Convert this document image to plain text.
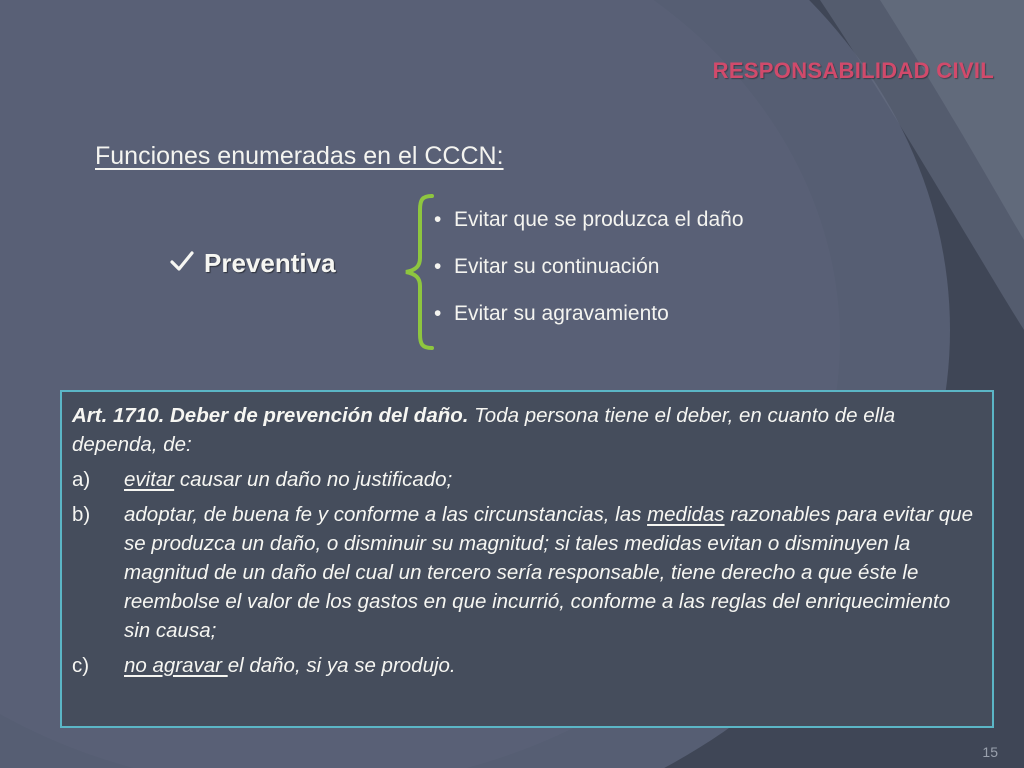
RESPONSABILIDAD CIVIL
Funciones enumeradas en el CCCN:
Preventiva
• Evitar que se produzca el daño
• Evitar su continuación
• Evitar su agravamiento

Art. 1710. Deber de prevención del daño. Toda persona tiene el deber, en cuanto de ella dependa, de:

a)	evitar causar un daño no justificado;
b)	adoptar, de buena fe y conforme a las circunstancias, las medidas razonables para evitar que se produzca un daño, o disminuir su magnitud; si tales medidas evitan o disminuyen la magnitud de un daño del cual un tercero sería responsable, tiene derecho a que éste le reembolse el valor de los gastos en que incurrió, conforme a las reglas del enriquecimiento sin causa;
c)	no agravar el daño, si ya se produjo.
15
